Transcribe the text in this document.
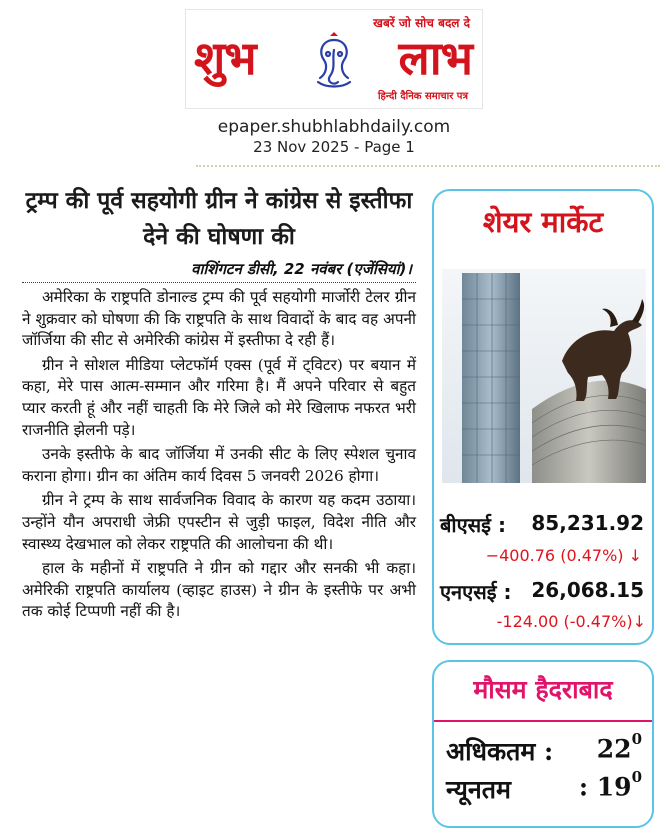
खबरें जो सोच बदल दे
शुभ	लाभ
हिन्दी दैनिक समाचार पत्र
epaper.shubhlabhdaily.com
23 Nov 2025 - Page 1
ट्रम्प की पूर्व सहयोगी ग्रीन ने कांग्रेस से इस्तीफा देने की घोषणा की
वाशिंगटन डीसी, 22 नवंबर (एजेंसियां)।

अमेरिका के राष्ट्रपति डोनाल्ड ट्रम्प की पूर्व सहयोगी मार्जोरी टेलर ग्रीन ने शुक्रवार को घोषणा की कि राष्ट्रपति के साथ विवादों के बाद वह अपनी जॉर्जिया की सीट से अमेरिकी कांग्रेस में इस्तीफा दे रही हैं।

ग्रीन ने सोशल मीडिया प्लेटफॉर्म एक्स (पूर्व में ट्विटर) पर बयान में कहा, मेरे पास आत्म-सम्मान और गरिमा है। मैं अपने परिवार से बहुत प्यार करती हूं और नहीं चाहती कि मेरे जिले को मेरे खिलाफ नफरत भरी राजनीति झेलनी पड़े।

उनके इस्तीफे के बाद जॉर्जिया में उनकी सीट के लिए स्पेशल चुनाव कराना होगा। ग्रीन का अंतिम कार्य दिवस 5 जनवरी 2026 होगा।

ग्रीन ने ट्रम्प के साथ सार्वजनिक विवाद के कारण यह कदम उठाया। उन्होंने यौन अपराधी जेफ्री एपस्टीन से जुड़ी फाइल, विदेश नीति और स्वास्थ्य देखभाल को लेकर राष्ट्रपति की आलोचना की थी।

हाल के महीनों में राष्ट्रपति ने ग्रीन को गद्दार और सनकी भी कहा। अमेरिकी राष्ट्रपति कार्यालय (व्हाइट हाउस) ने ग्रीन के इस्तीफे पर अभी तक कोई टिप्पणी नहीं की है।

शेयर मार्केट
बीएसई : 85,231.92
−400.76 (0.47%) ↓
एनएसई : 26,068.15
-124.00 (-0.47%)↓
मौसम हैदराबाद
अधिकतम : $22^0$
न्यूनतम	: $19^0$
